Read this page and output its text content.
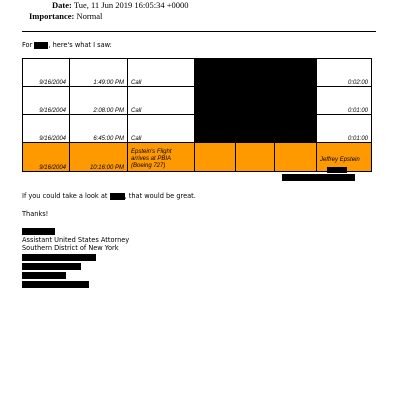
Date: Tue, 11 Jun 2019 16:05:34 +0000
Importance: Normal
For , here's what I saw:
9/16/2004	1:49:00 PM	Call				0:02:00
9/16/2004	2:08:00 PM	Call				0:01:00
9/16/2004	6:45:00 PM	Call				0:01:00
9/16/2004	10:16:00 PM	Epstein's Flight arrives at PBIA (Boeing 727)				Jeffrey Epstein
If you could take a look at	, that would be great.
Thanks!
Assistant United States Attorney
Southern District of New York
